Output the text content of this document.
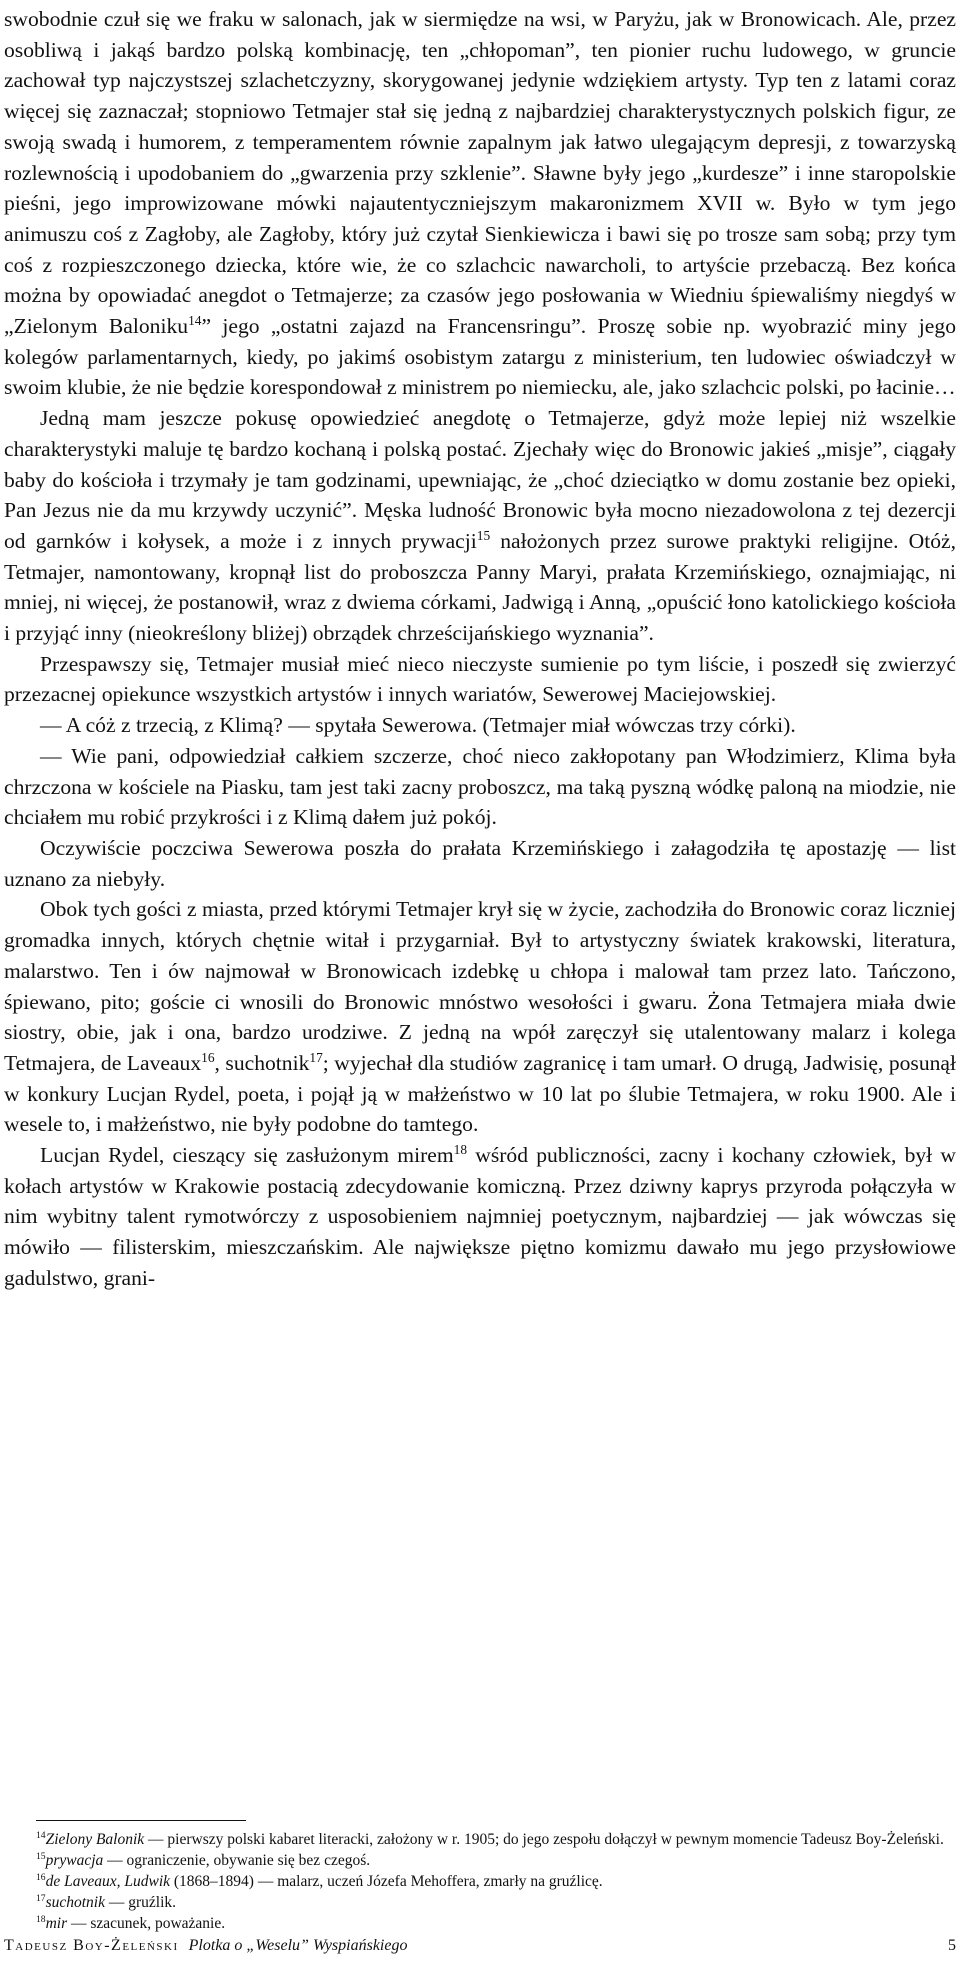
swobodnie czuł się we fraku w salonach, jak w siermiędze na wsi, w Paryżu, jak w Bronowicach. Ale, przez osobliwą i jakąś bardzo polską kombinację, ten „chłopoman”, ten pionier ruchu ludowego, w gruncie zachował typ najczystszej szlachetczyzny, skorygowanej jedynie wdziękiem artysty. Typ ten z latami coraz więcej się zaznaczał; stopniowo Tetmajer stał się jedną z najbardziej charakterystycznych polskich figur, ze swoją swadą i humorem, z temperamentem równie zapalnym jak łatwo ulegającym depresji, z towarzyską rozlewnością i upodobaniem do „gwarzenia przy szklenie”. Sławne były jego „kurdesze” i inne staropolskie pieśni, jego improwizowane mówki najautentyczniejszym makaronizmem XVII w. Było w tym jego animuszu coś z Zagłoby, ale Zagłoby, który już czytał Sienkiewicza i bawi się po trosze sam sobą; przy tym coś z rozpieszczonego dziecka, które wie, że co szlachcic nawarcholi, to artyście przebaczą. Bez końca można by opowiadać anegdot o Tetmajerze; za czasów jego posłowania w Wiedniu śpiewaliśmy niegdyś w „Zielonym Baloniku$^{14}$” jego „ostatni zajazd na Francensringu”. Proszę sobie np. wyobrazić miny jego kolegów parlamentarnych, kiedy, po jakimś osobistym zatargu z ministerium, ten ludowiec oświadczył w swoim klubie, że nie będzie korespondował z ministrem po niemiecku, ale, jako szlachcic polski, po łacinie…

Jedną mam jeszcze pokusę opowiedzieć anegdotę o Tetmajerze, gdyż może lepiej niż wszelkie charakterystyki maluje tę bardzo kochaną i polską postać. Zjechały więc do Bronowic jakieś „misje”, ciągały baby do kościoła i trzymały je tam godzinami, upewniając, że „choć dzieciątko w domu zostanie bez opieki, Pan Jezus nie da mu krzywdy uczynić”. Męska ludność Bronowic była mocno niezadowolona z tej dezercji od garnków i kołysek, a może i z innych prywacji$^{15}$ nałożonych przez surowe praktyki religijne. Otóż, Tetmajer, namontowany, kropnął list do proboszcza Panny Maryi, prałata Krzemińskiego, oznajmiając, ni mniej, ni więcej, że postanowił, wraz z dwiema córkami, Jadwigą i Anną, „opuścić łono katolickiego kościoła i przyjąć inny (nieokreślony bliżej) obrządek chrześcijańskiego wyznania”.

Przespawszy się, Tetmajer musiał mieć nieco nieczyste sumienie po tym liście, i poszedł się zwierzyć przezacnej opiekunce wszystkich artystów i innych wariatów, Sewerowej Maciejowskiej.

— A cóż z trzecią, z Klimą? — spytała Sewerowa. (Tetmajer miał wówczas trzy córki).

— Wie pani, odpowiedział całkiem szczerze, choć nieco zakłopotany pan Włodzimierz, Klima była chrzczona w kościele na Piasku, tam jest taki zacny proboszcz, ma taką pyszną wódkę paloną na miodzie, nie chciałem mu robić przykrości i z Klimą dałem już pokój.

Oczywiście poczciwa Sewerowa poszła do prałata Krzemińskiego i załagodziła tę apostazję — list uznano za niebyły.

Obok tych gości z miasta, przed którymi Tetmajer krył się w życie, zachodziła do Bronowic coraz liczniej gromadka innych, których chętnie witał i przygarniał. Był to artystyczny światek krakowski, literatura, malarstwo. Ten i ów najmował w Bronowicach izdebkę u chłopa i malował tam przez lato. Tańczono, śpiewano, pito; goście ci wnosili do Bronowic mnóstwo wesołości i gwaru. Żona Tetmajera miała dwie siostry, obie, jak i ona, bardzo urodziwe. Z jedną na wpół zaręczył się utalentowany malarz i kolega Tetmajera, de Laveaux$^{16}$, suchotnik$^{17}$; wyjechał dla studiów zagranicę i tam umarł. O drugą, Jadwisię, posunął w konkury Lucjan Rydel, poeta, i pojął ją w małżeństwo w 10 lat po ślubie Tetmajera, w roku 1900. Ale i wesele to, i małżeństwo, nie były podobne do tamtego.

Lucjan Rydel, cieszący się zasłużonym mirem$^{18}$ wśród publiczności, zacny i kochany człowiek, był w kołach artystów w Krakowie postacią zdecydowanie komiczną. Przez dziwny kaprys przyroda połączyła w nim wybitny talent rymotwórczy z usposobieniem najmniej poetycznym, najbardziej — jak wówczas się mówiło — filisterskim, mieszczańskim. Ale największe piętno komizmu dawało mu jego przysłowiowe gadulstwo, grani-

$^{14}$Zielony Balonik — pierwszy polski kabaret literacki, założony w r. 1905; do jego zespołu dołączył w pewnym momencie Tadeusz Boy-Żeleński.

$^{15}$prywacja — ograniczenie, obywanie się bez czegoś.

$^{16}$de Laveaux, Ludwik (1868–1894) — malarz, uczeń Józefa Mehoffera, zmarły na gruźlicę.

$^{17}$suchotnik — gruźlik.

$^{18}$mir — szacunek, poważanie.

Tadeusz Boy-Żeleński Plotka o „Weselu” Wyspiańskiego	5
